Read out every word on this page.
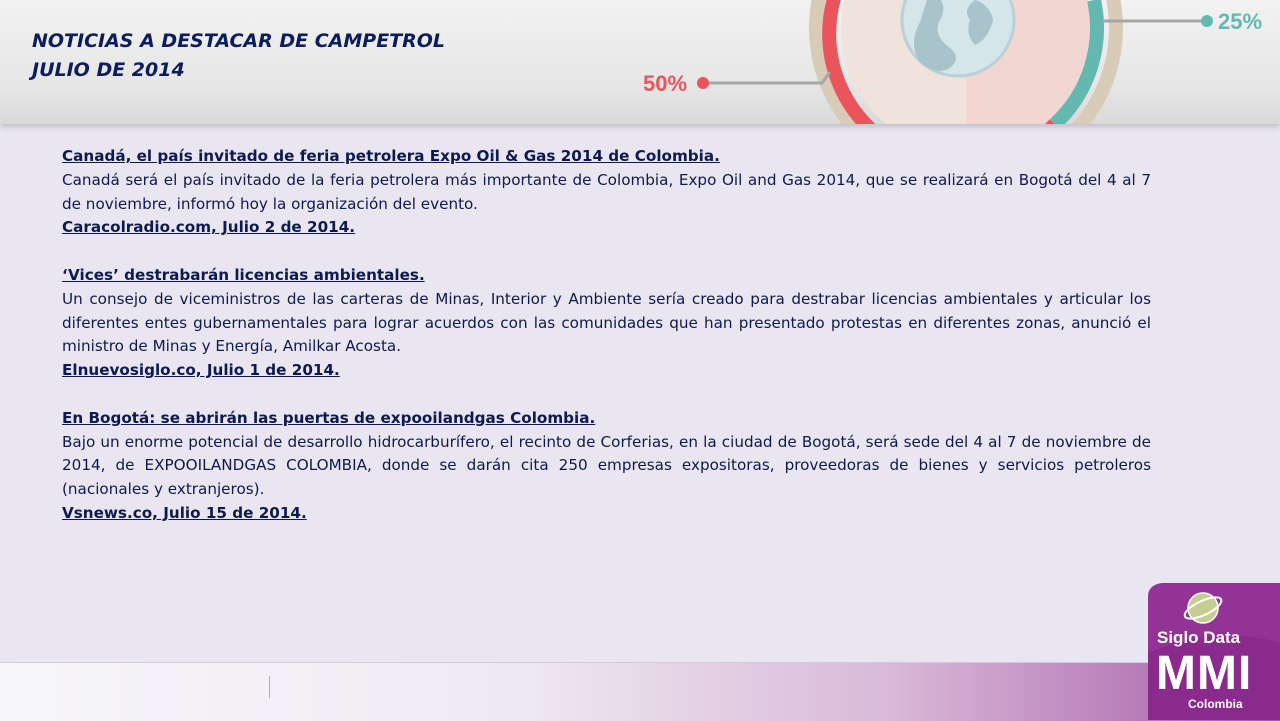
50%
25%
NOTICIAS A DESTACAR DE CAMPETROL
JULIO DE 2014
Canadá, el país invitado de feria petrolera Expo Oil & Gas 2014 de Colombia.
Canadá será el país invitado de la feria petrolera más importante de Colombia, Expo Oil and Gas 2014, que se realizará en Bogotá del 4 al 7 de noviembre, informó hoy la organización del evento.
Caracolradio.com, Julio 2 de 2014.
‘Vices’ destrabarán licencias ambientales.
Un consejo de viceministros de las carteras de Minas, Interior y Ambiente sería creado para destrabar licencias ambientales y articular los diferentes entes gubernamentales para lograr acuerdos con las comunidades que han presentado protestas en diferentes zonas, anunció el ministro de Minas y Energía, Amilkar Acosta.
Elnuevosiglo.co, Julio 1 de 2014.
En Bogotá: se abrirán las puertas de expooilandgas Colombia.
Bajo un enorme potencial de desarrollo hidrocarburífero, el recinto de Corferias, en la ciudad de Bogotá, será sede del 4 al 7 de noviembre de 2014, de EXPOOILANDGAS COLOMBIA, donde se darán cita 250 empresas expositoras, proveedoras de bienes y servicios petroleros (nacionales y extranjeros).
Vsnews.co, Julio 15 de 2014.
Siglo Data
MMI
Colombia
